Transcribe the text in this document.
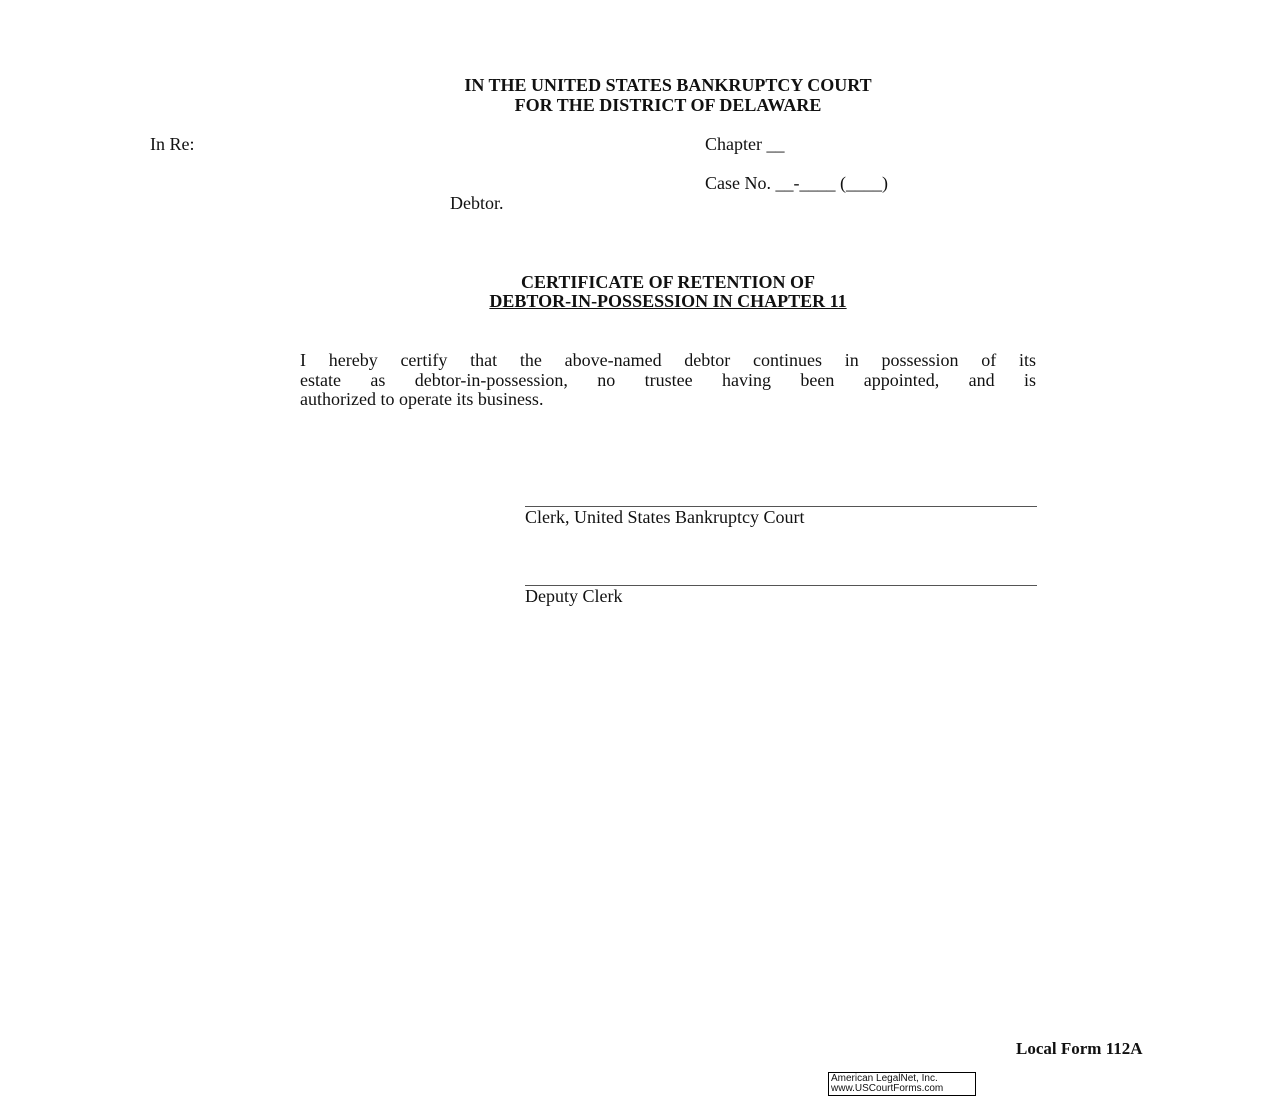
IN THE UNITED STATES BANKRUPTCY COURT
FOR THE DISTRICT OF DELAWARE
In Re:	Chapter __
Case No. __-____ (____)
Debtor.
CERTIFICATE OF RETENTION OF
DEBTOR-IN-POSSESSION IN CHAPTER 11
I hereby certify that the above-named debtor continues in possession of its
estate as debtor-in-possession, no trustee having been appointed, and is
authorized to operate its business.
Clerk, United States Bankruptcy Court
Deputy Clerk
Local Form 112A
American LegalNet, Inc.
www.USCourtForms.com
